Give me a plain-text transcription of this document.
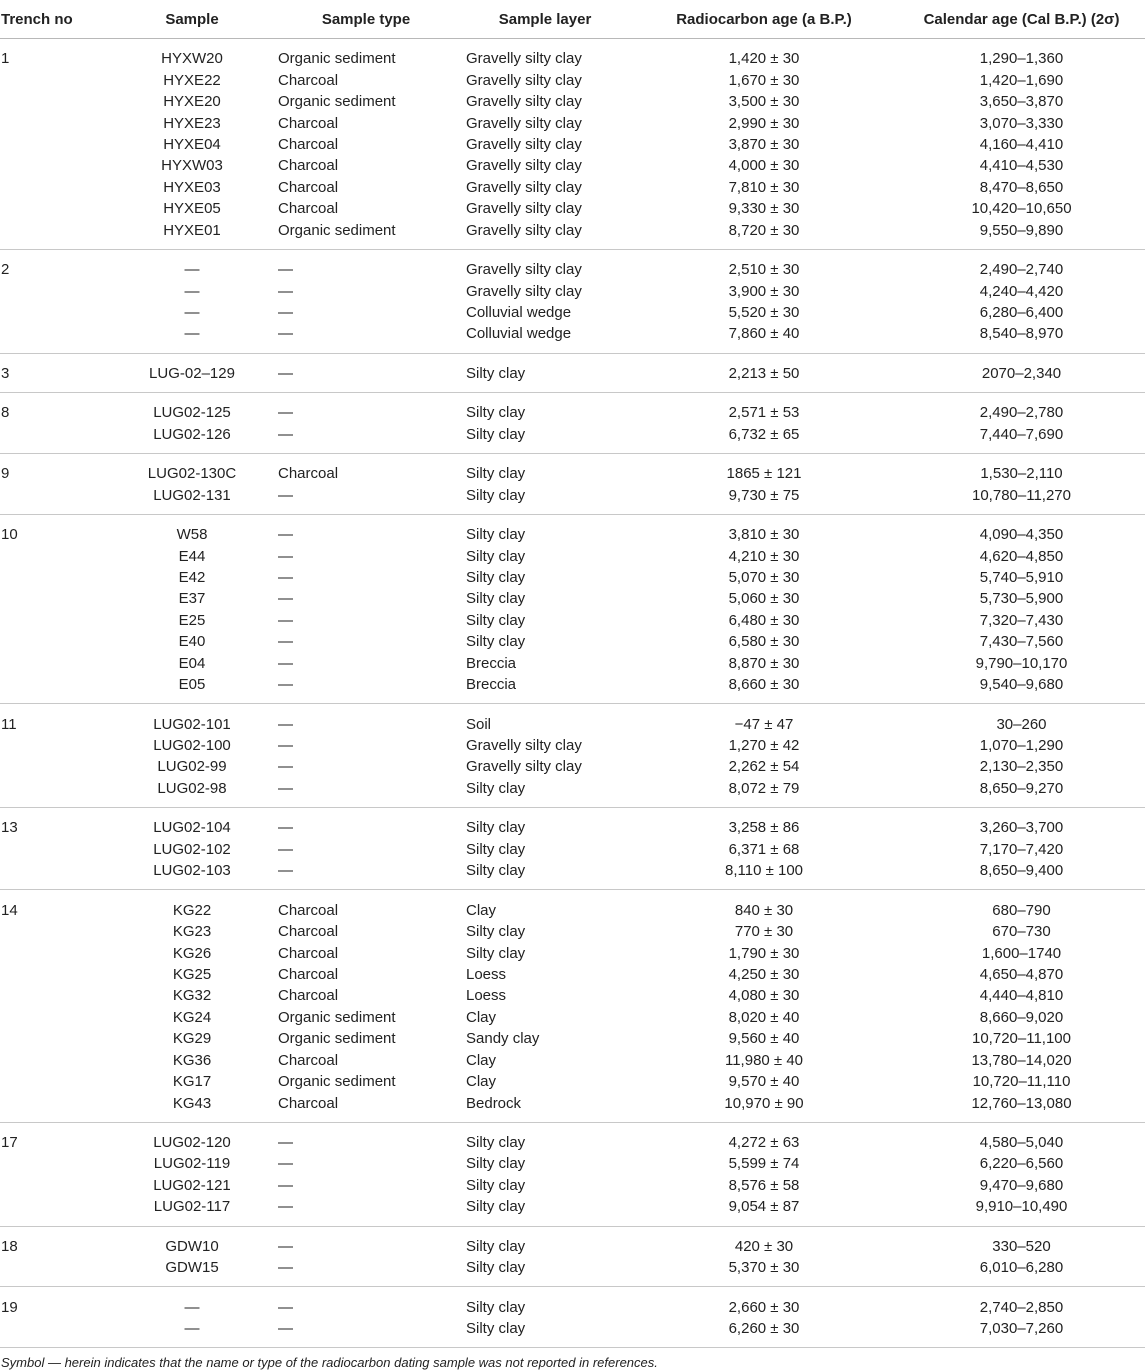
Trench no	Sample	Sample type	Sample layer	Radiocarbon age (a B.P.)	Calendar age (Cal B.P.) (2σ)
1	HYXW20	Organic sediment	Gravelly silty clay	1,420 ± 30	1,290–1,360
	HYXE22	Charcoal	Gravelly silty clay	1,670 ± 30	1,420–1,690
	HYXE20	Organic sediment	Gravelly silty clay	3,500 ± 30	3,650–3,870
	HYXE23	Charcoal	Gravelly silty clay	2,990 ± 30	3,070–3,330
	HYXE04	Charcoal	Gravelly silty clay	3,870 ± 30	4,160–4,410
	HYXW03	Charcoal	Gravelly silty clay	4,000 ± 30	4,410–4,530
	HYXE03	Charcoal	Gravelly silty clay	7,810 ± 30	8,470–8,650
	HYXE05	Charcoal	Gravelly silty clay	9,330 ± 30	10,420–10,650
	HYXE01	Organic sediment	Gravelly silty clay	8,720 ± 30	9,550–9,890
2	—	—	Gravelly silty clay	2,510 ± 30	2,490–2,740
	—	—	Gravelly silty clay	3,900 ± 30	4,240–4,420
	—	—	Colluvial wedge	5,520 ± 30	6,280–6,400
	—	—	Colluvial wedge	7,860 ± 40	8,540–8,970
3	LUG-02–129	—	Silty clay	2,213 ± 50	2070–2,340
8	LUG02-125	—	Silty clay	2,571 ± 53	2,490–2,780
	LUG02-126	—	Silty clay	6,732 ± 65	7,440–7,690
9	LUG02-130C	Charcoal	Silty clay	1865 ± 121	1,530–2,110
	LUG02-131	—	Silty clay	9,730 ± 75	10,780–11,270
10	W58	—	Silty clay	3,810 ± 30	4,090–4,350
	E44	—	Silty clay	4,210 ± 30	4,620–4,850
	E42	—	Silty clay	5,070 ± 30	5,740–5,910
	E37	—	Silty clay	5,060 ± 30	5,730–5,900
	E25	—	Silty clay	6,480 ± 30	7,320–7,430
	E40	—	Silty clay	6,580 ± 30	7,430–7,560
	E04	—	Breccia	8,870 ± 30	9,790–10,170
	E05	—	Breccia	8,660 ± 30	9,540–9,680
11	LUG02-101	—	Soil	−47 ± 47	30–260
	LUG02-100	—	Gravelly silty clay	1,270 ± 42	1,070–1,290
	LUG02-99	—	Gravelly silty clay	2,262 ± 54	2,130–2,350
	LUG02-98	—	Silty clay	8,072 ± 79	8,650–9,270
13	LUG02-104	—	Silty clay	3,258 ± 86	3,260–3,700
	LUG02-102	—	Silty clay	6,371 ± 68	7,170–7,420
	LUG02-103	—	Silty clay	8,110 ± 100	8,650–9,400
14	KG22	Charcoal	Clay	840 ± 30	680–790
	KG23	Charcoal	Silty clay	770 ± 30	670–730
	KG26	Charcoal	Silty clay	1,790 ± 30	1,600–1740
	KG25	Charcoal	Loess	4,250 ± 30	4,650–4,870
	KG32	Charcoal	Loess	4,080 ± 30	4,440–4,810
	KG24	Organic sediment	Clay	8,020 ± 40	8,660–9,020
	KG29	Organic sediment	Sandy clay	9,560 ± 40	10,720–11,100
	KG36	Charcoal	Clay	11,980 ± 40	13,780–14,020
	KG17	Organic sediment	Clay	9,570 ± 40	10,720–11,110
	KG43	Charcoal	Bedrock	10,970 ± 90	12,760–13,080
17	LUG02-120	—	Silty clay	4,272 ± 63	4,580–5,040
	LUG02-119	—	Silty clay	5,599 ± 74	6,220–6,560
	LUG02-121	—	Silty clay	8,576 ± 58	9,470–9,680
	LUG02-117	—	Silty clay	9,054 ± 87	9,910–10,490
18	GDW10	—	Silty clay	420 ± 30	330–520
	GDW15	—	Silty clay	5,370 ± 30	6,010–6,280
19	—	—	Silty clay	2,660 ± 30	2,740–2,850
	—	—	Silty clay	6,260 ± 30	7,030–7,260
Symbol — herein indicates that the name or type of the radiocarbon dating sample was not reported in references.
